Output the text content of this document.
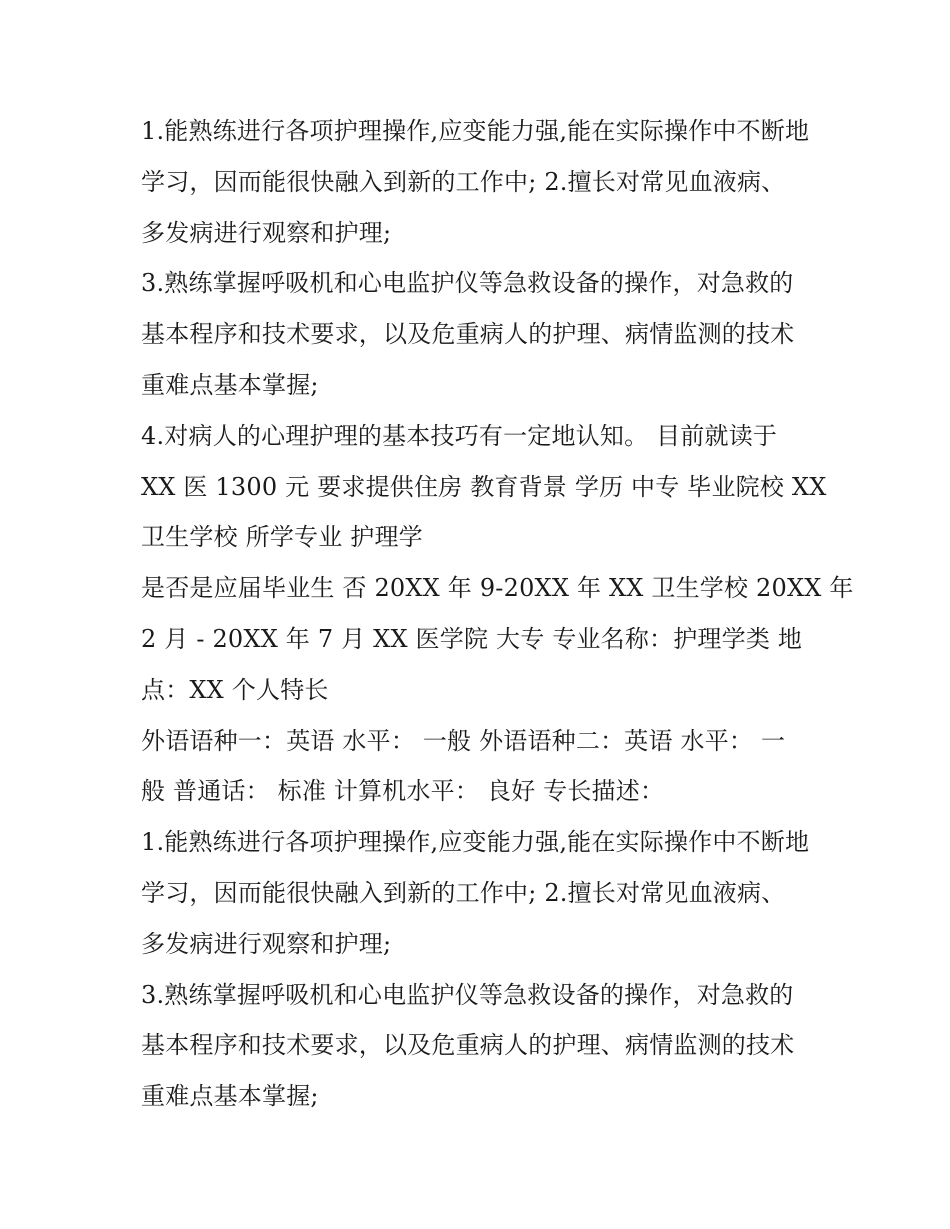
1.能熟练进行各项护理操作,应变能力强,能在实际操作中不断地
学习，因而能很快融入到新的工作中; 2.擅长对常见血液病、
多发病进行观察和护理;
3.熟练掌握呼吸机和心电监护仪等急救设备的操作，对急救的
基本程序和技术要求，以及危重病人的护理、病情监测的技术
重难点基本掌握;
4.对病人的心理护理的基本技巧有一定地认知。 目前就读于
XX 医 1300 元 要求提供住房 教育背景 学历 中专 毕业院校 XX
卫生学校 所学专业 护理学
是否是应届毕业生 否 20XX 年 9-20XX 年 XX 卫生学校 20XX 年
2 月 - 20XX 年 7 月 XX 医学院 大专 专业名称：护理学类 地
点：XX 个人特长
外语语种一：英语 水平： 一般 外语语种二：英语 水平： 一
般 普通话： 标准 计算机水平： 良好 专长描述：
1.能熟练进行各项护理操作,应变能力强,能在实际操作中不断地
学习，因而能很快融入到新的工作中; 2.擅长对常见血液病、
多发病进行观察和护理;
3.熟练掌握呼吸机和心电监护仪等急救设备的操作，对急救的
基本程序和技术要求，以及危重病人的护理、病情监测的技术
重难点基本掌握;
